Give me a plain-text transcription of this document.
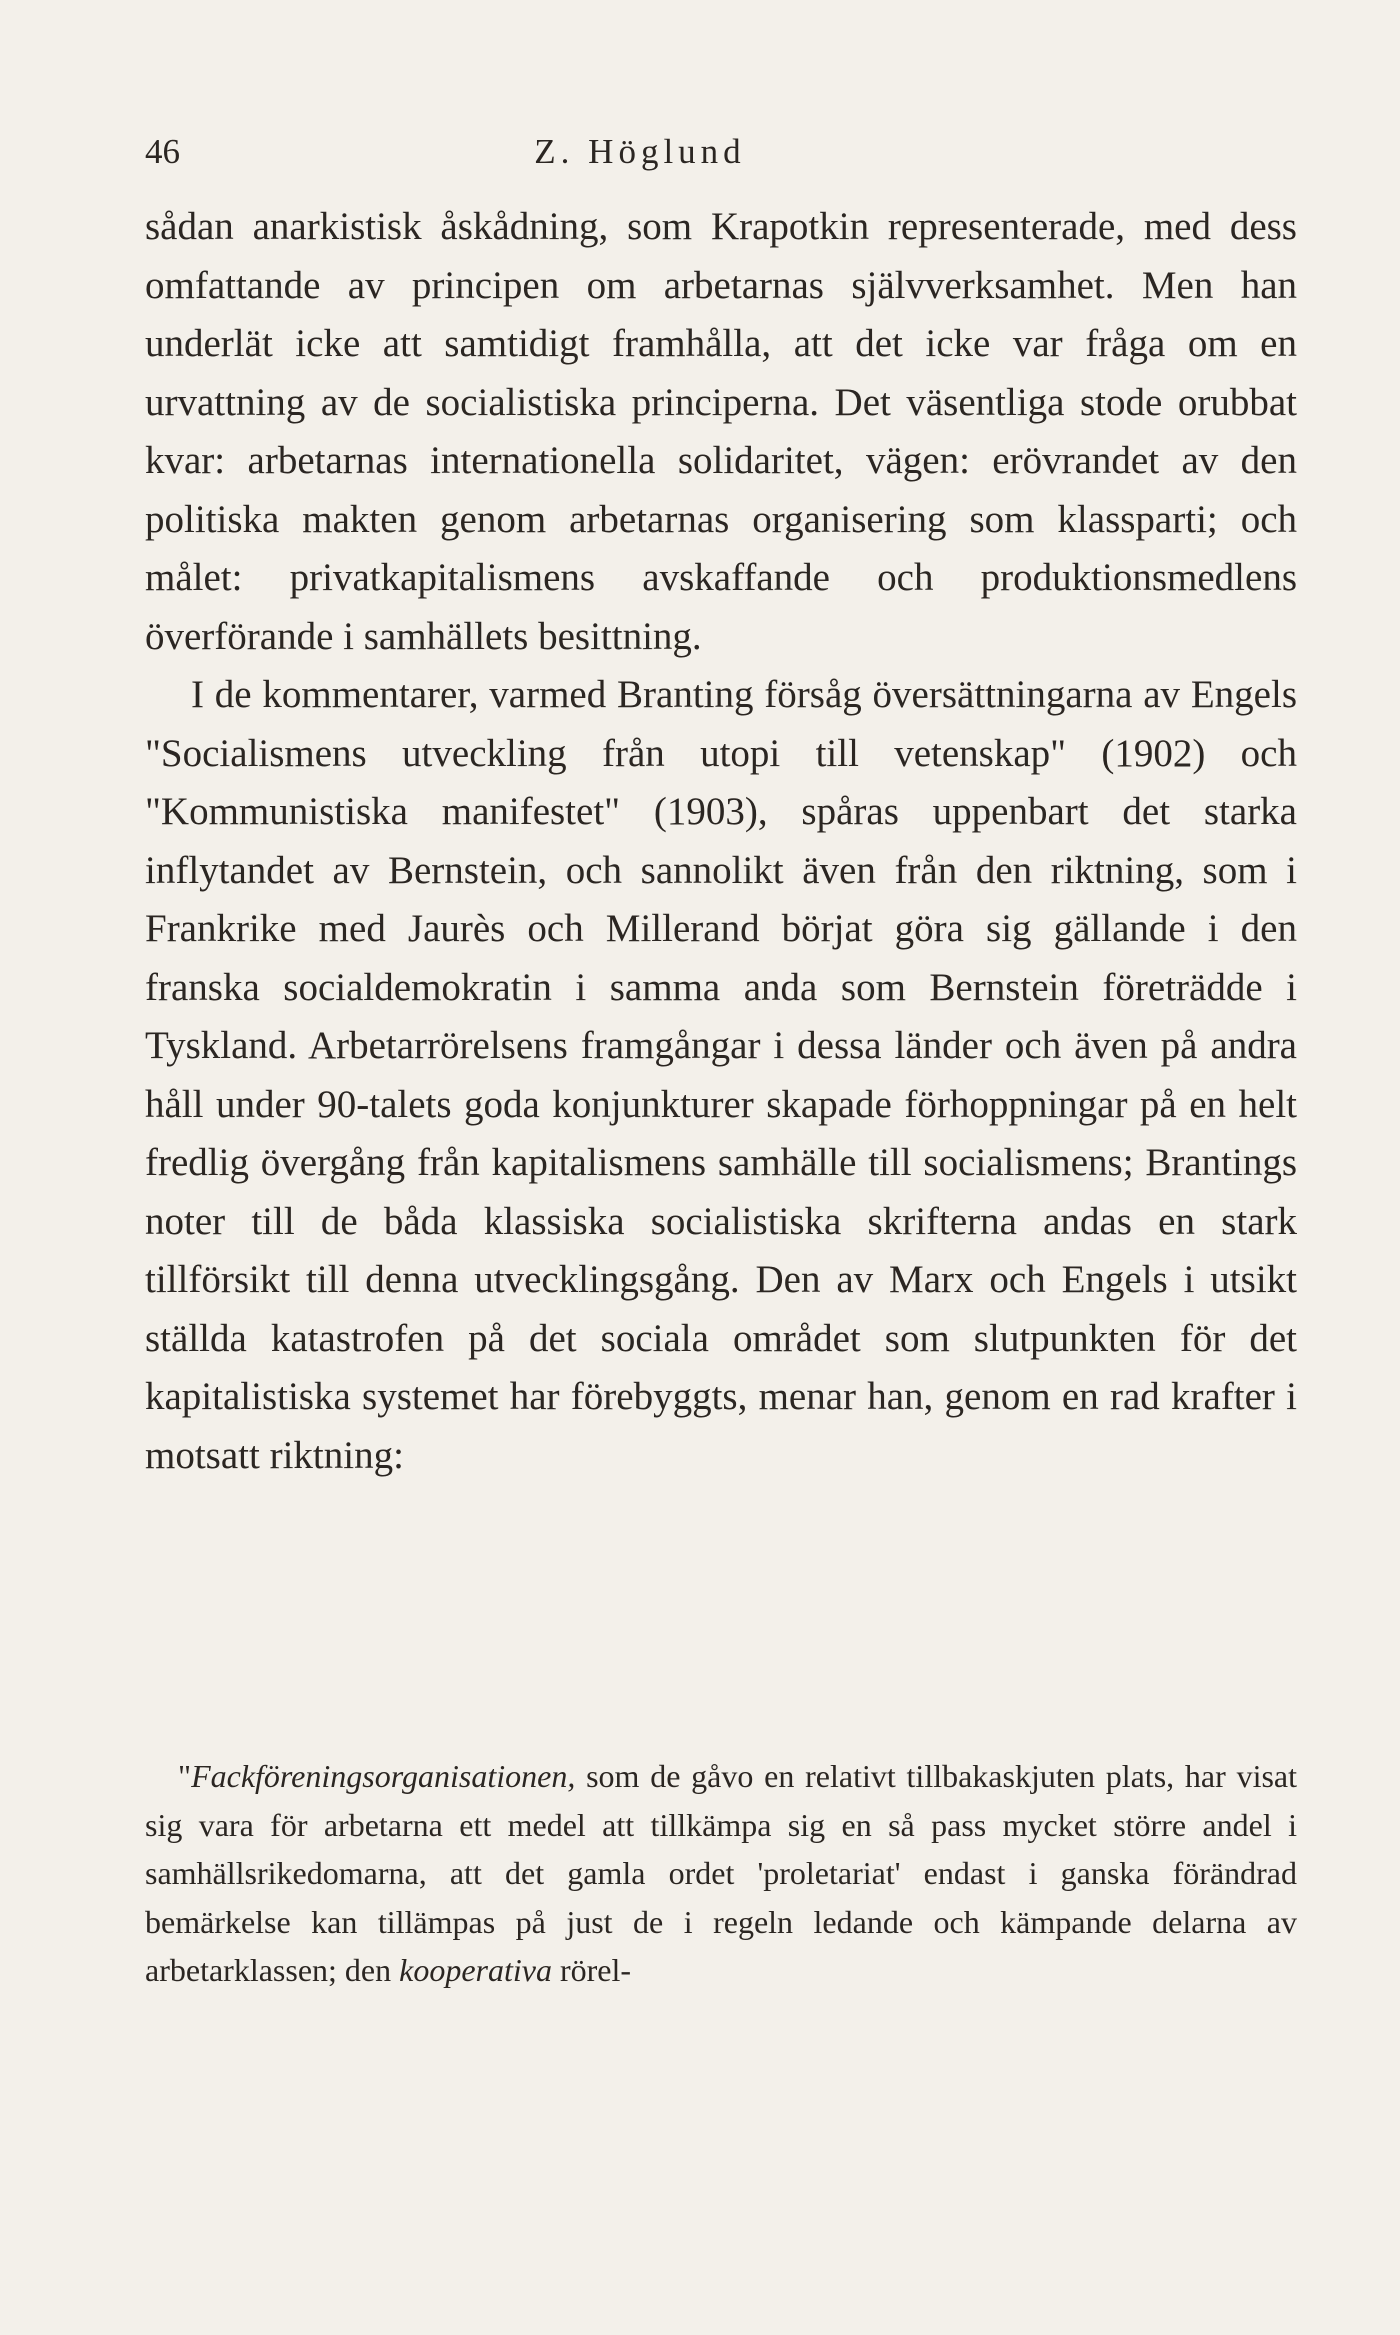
46	Z. Höglund

sådan anarkistisk åskådning, som Krapotkin representerade, med dess omfattande av principen om arbetarnas självverksamhet. Men han underlät icke att samtidigt framhålla, att det icke var fråga om en urvattning av de socialistiska principerna. Det väsentliga stode orubbat kvar: arbetarnas internationella solidaritet, vägen: erövrandet av den politiska makten genom arbetarnas organisering som klassparti; och målet: privatkapitalismens avskaffande och produktionsmedlens överförande i samhällets besittning.

I de kommentarer, varmed Branting försåg översättningarna av Engels "Socialismens utveckling från utopi till vetenskap" (1902) och "Kommunistiska manifestet" (1903), spåras uppenbart det starka inflytandet av Bernstein, och sannolikt även från den riktning, som i Frankrike med Jaurès och Millerand börjat göra sig gällande i den franska socialdemokratin i samma anda som Bernstein företrädde i Tyskland. Arbetarrörelsens framgångar i dessa länder och även på andra håll under 90-talets goda konjunkturer skapade förhoppningar på en helt fredlig övergång från kapitalismens samhälle till socialismens; Brantings noter till de båda klassiska socialistiska skrifterna andas en stark tillförsikt till denna utvecklingsgång. Den av Marx och Engels i utsikt ställda katastrofen på det sociala området som slutpunkten för det kapitalistiska systemet har förebyggts, menar han, genom en rad krafter i motsatt riktning:

"Fackföreningsorganisationen, som de gåvo en relativt tillbakaskjuten plats, har visat sig vara för arbetarna ett medel att tillkämpa sig en så pass mycket större andel i samhällsrikedomarna, att det gamla ordet 'proletariat' endast i ganska förändrad bemärkelse kan tillämpas på just de i regeln ledande och kämpande delarna av arbetarklassen; den kooperativa rörel-
